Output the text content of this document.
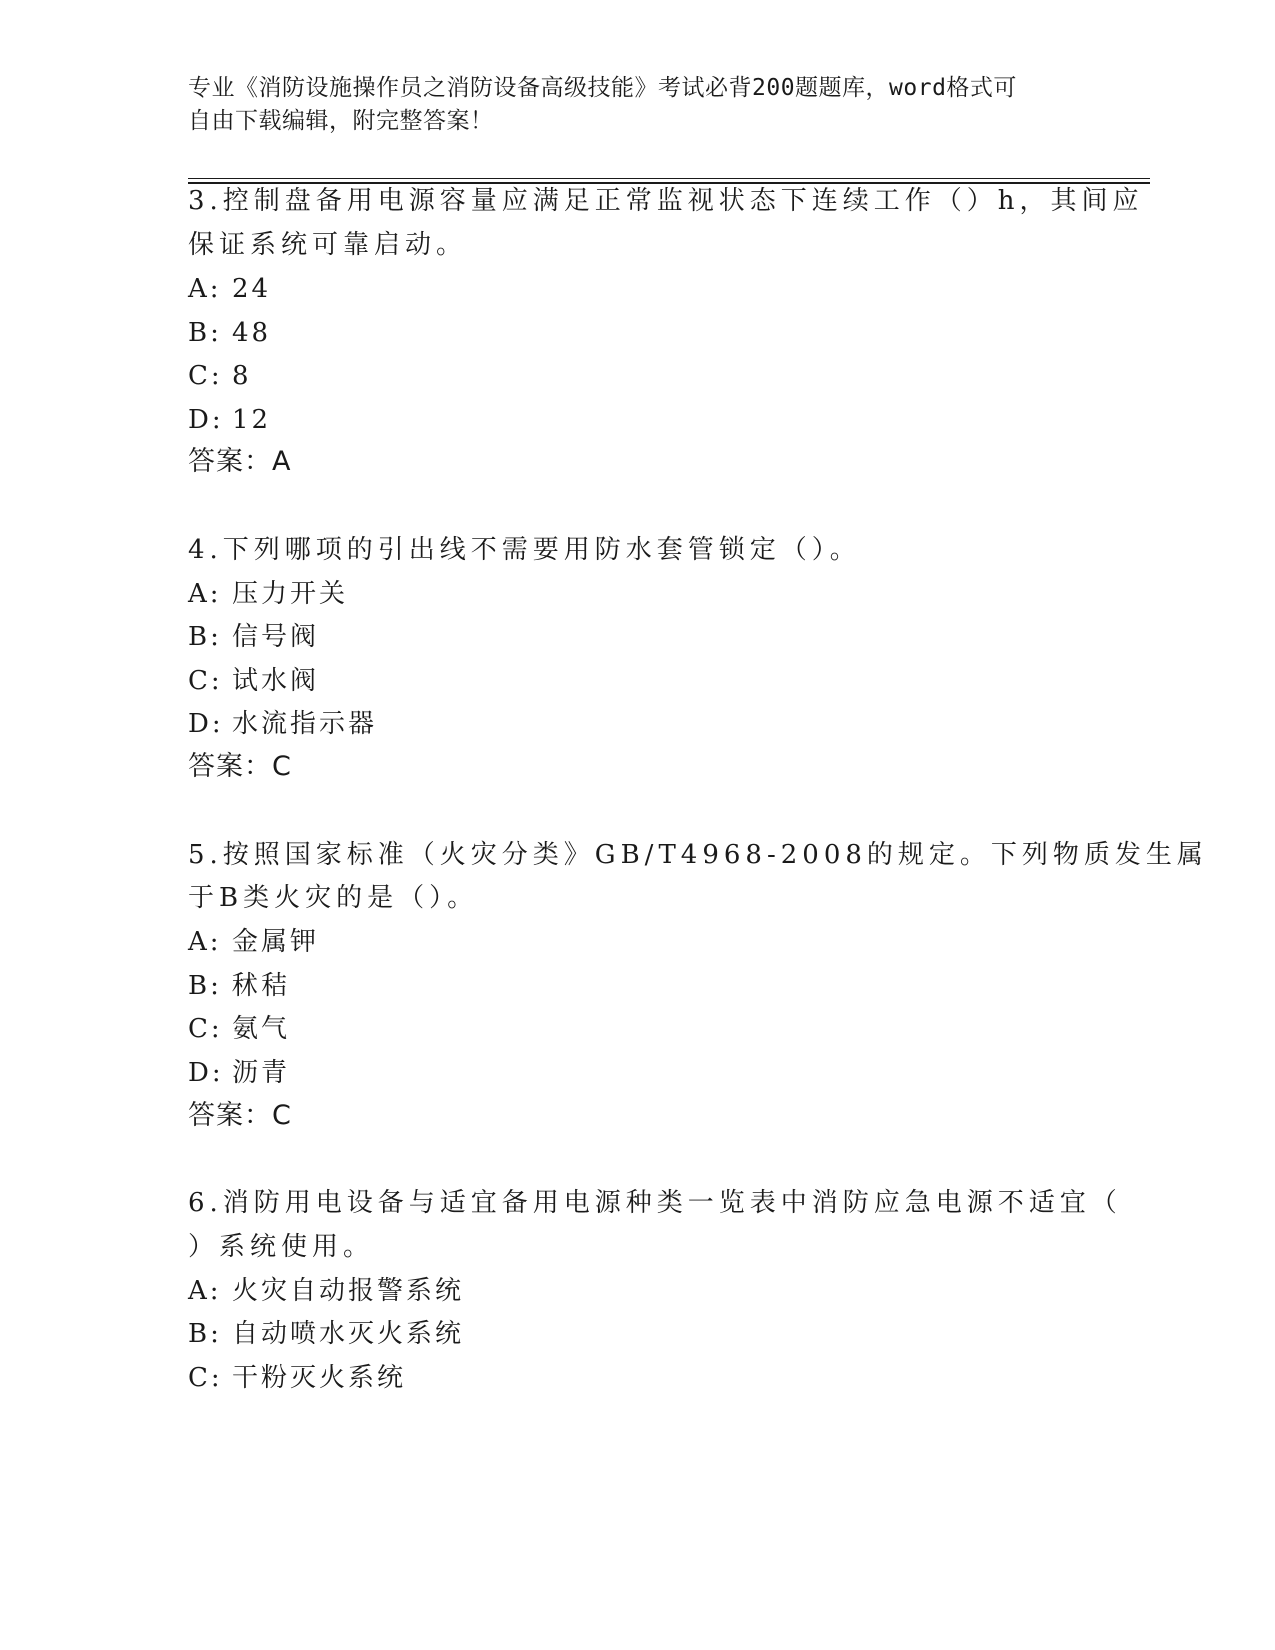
专业《消防设施操作员之消防设备高级技能》考试必背200题题库，word格式可
自由下载编辑，附完整答案！
3.控制盘备用电源容量应满足正常监视状态下连续工作（）h，其间应
保证系统可靠启动。
A: 24
B: 48
C: 8
D: 12
答案：A
4.下列哪项的引出线不需要用防水套管锁定（）。
A: 压力开关
B: 信号阀
C: 试水阀
D: 水流指示器
答案：C
5.按照国家标准（火灾分类》GB/T4968-2008的规定。下列物质发生属
于B类火灾的是（）。
A: 金属钾
B: 秫秸
C: 氨气
D: 沥青
答案：C
6.消防用电设备与适宜备用电源种类一览表中消防应急电源不适宜（
）系统使用。
A: 火灾自动报警系统
B: 自动喷水灭火系统
C: 干粉灭火系统
